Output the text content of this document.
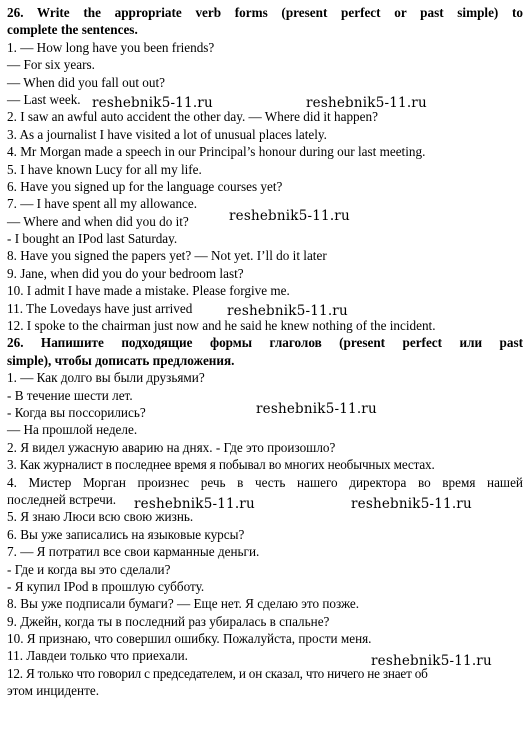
26. Write the appropriate verb forms (present perfect or past simple) to
complete the sentences.
1. — How long have you been friends?
— For six years.
— When did you fall out out?
— Last week.
2. I saw an awful auto accident the other day. — Where did it happen?
3. As a journalist I have visited a lot of unusual places lately.
4. Mr Morgan made a speech in our Principal’s honour during our last meeting.
5. I have known Lucy for all my life.
6. Have you signed up for the language courses yet?
7. — I have spent all my allowance.
— Where and when did you do it?
- I bought an IPod last Saturday.
8. Have you signed the papers yet? — Not yet. I’ll do it later
9. Jane, when did you do your bedroom last?
10. I admit I have made a mistake. Please forgive me.
11. The Lovedays have just arrived
12. I spoke to the chairman just now and he said he knew nothing of the incident.
26. Напишите подходящие формы глаголов (present perfect или past
simple), чтобы дописать предложения.
1. — Как долго вы были друзьями?
- В течение шести лет.
- Когда вы поссорились?
— На прошлой неделе.
2. Я видел ужасную аварию на днях. - Где это произошло?
3. Как журналист в последнее время я побывал во многих необычных местах.
4. Мистер Морган произнес речь в честь нашего директора во время нашей
последней встречи.
5. Я знаю Люси всю свою жизнь.
6. Вы уже записались на языковые курсы?
7. — Я потратил все свои карманные деньги.
- Где и когда вы это сделали?
- Я купил IPod в прошлую субботу.
8. Вы уже подписали бумаги? — Еще нет. Я сделаю это позже.
9. Джейн, когда ты в последний раз убиралась в спальне?
10. Я признаю, что совершил ошибку. Пожалуйста, прости меня.
11. Лавдеи только что приехали.
12. Я только что говорил с председателем, и он сказал, что ничего не знает об
этом инциденте.
reshebnik5-11.ru	reshebnik5-11.ru
reshebnik5-11.ru
reshebnik5-11.ru
reshebnik5-11.ru
reshebnik5-11.ru	reshebnik5-11.ru
reshebnik5-11.ru
